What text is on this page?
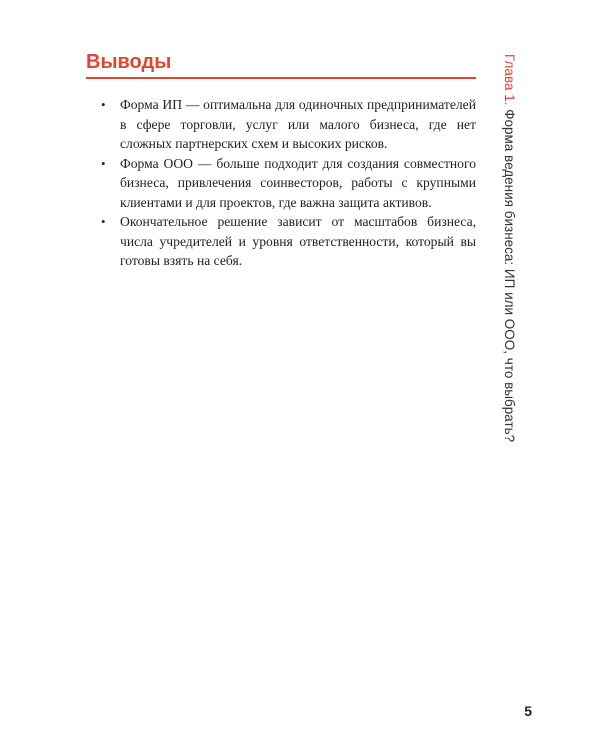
Выводы
• Форма ИП — оптимальна для одиночных предпринимателей в сфере торговли, услуг или малого бизнеса, где нет сложных партнерских схем и высоких рисков.
• Форма ООО — больше подходит для создания совместного бизнеса, привлечения соинвесторов, работы с крупными клиентами и для проектов, где важна защита активов.
• Окончательное решение зависит от масштабов бизнеса, числа учредителей и уровня ответственности, который вы готовы взять на себя.
Глава 1. Форма ведения бизнеса: ИП или ООО, что выбрать?
5
